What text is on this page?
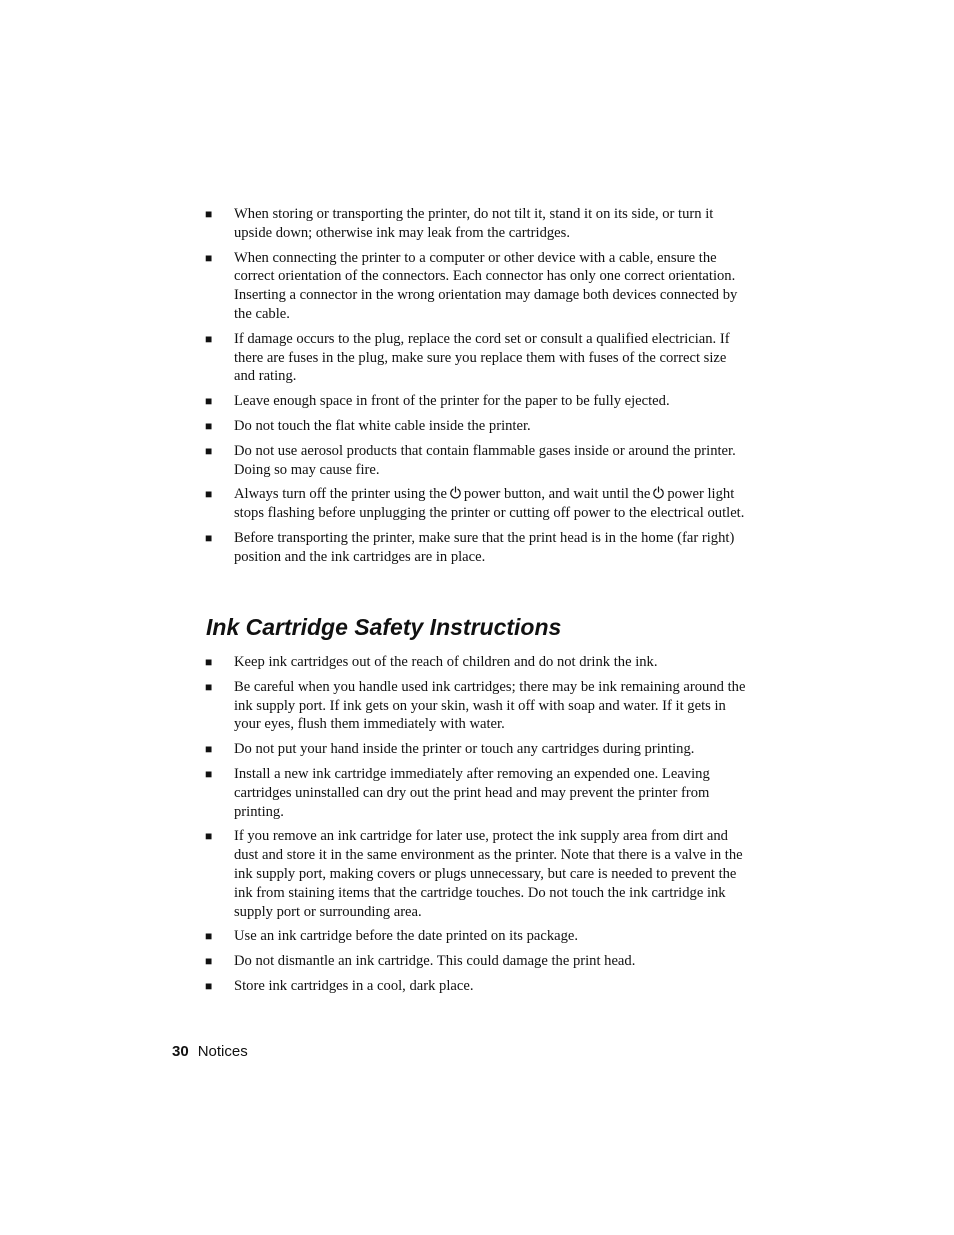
■	When storing or transporting the printer, do not tilt it, stand it on its side, or turn it upside down; otherwise ink may leak from the cartridges.
■	When connecting the printer to a computer or other device with a cable, ensure the correct orientation of the connectors. Each connector has only one correct orientation. Inserting a connector in the wrong orientation may damage both devices connected by the cable.
■	If damage occurs to the plug, replace the cord set or consult a qualified electrician. If there are fuses in the plug, make sure you replace them with fuses of the correct size and rating.
■	Leave enough space in front of the printer for the paper to be fully ejected.
■	Do not touch the flat white cable inside the printer.
■	Do not use aerosol products that contain flammable gases inside or around the printer. Doing so may cause fire.
■	Always turn off the printer using the power button, and wait until the power light stops flashing before unplugging the printer or cutting off power to the electrical outlet.
■	Before transporting the printer, make sure that the print head is in the home (far right) position and the ink cartridges are in place.
Ink Cartridge Safety Instructions
■	Keep ink cartridges out of the reach of children and do not drink the ink.
■	Be careful when you handle used ink cartridges; there may be ink remaining around the ink supply port. If ink gets on your skin, wash it off with soap and water. If it gets in your eyes, flush them immediately with water.
■	Do not put your hand inside the printer or touch any cartridges during printing.
■	Install a new ink cartridge immediately after removing an expended one. Leaving cartridges uninstalled can dry out the print head and may prevent the printer from printing.
■	If you remove an ink cartridge for later use, protect the ink supply area from dirt and dust and store it in the same environment as the printer. Note that there is a valve in the ink supply port, making covers or plugs unnecessary, but care is needed to prevent the ink from staining items that the cartridge touches. Do not touch the ink cartridge ink supply port or surrounding area.
■	Use an ink cartridge before the date printed on its package.
■	Do not dismantle an ink cartridge. This could damage the print head.
■	Store ink cartridges in a cool, dark place.
30 Notices
